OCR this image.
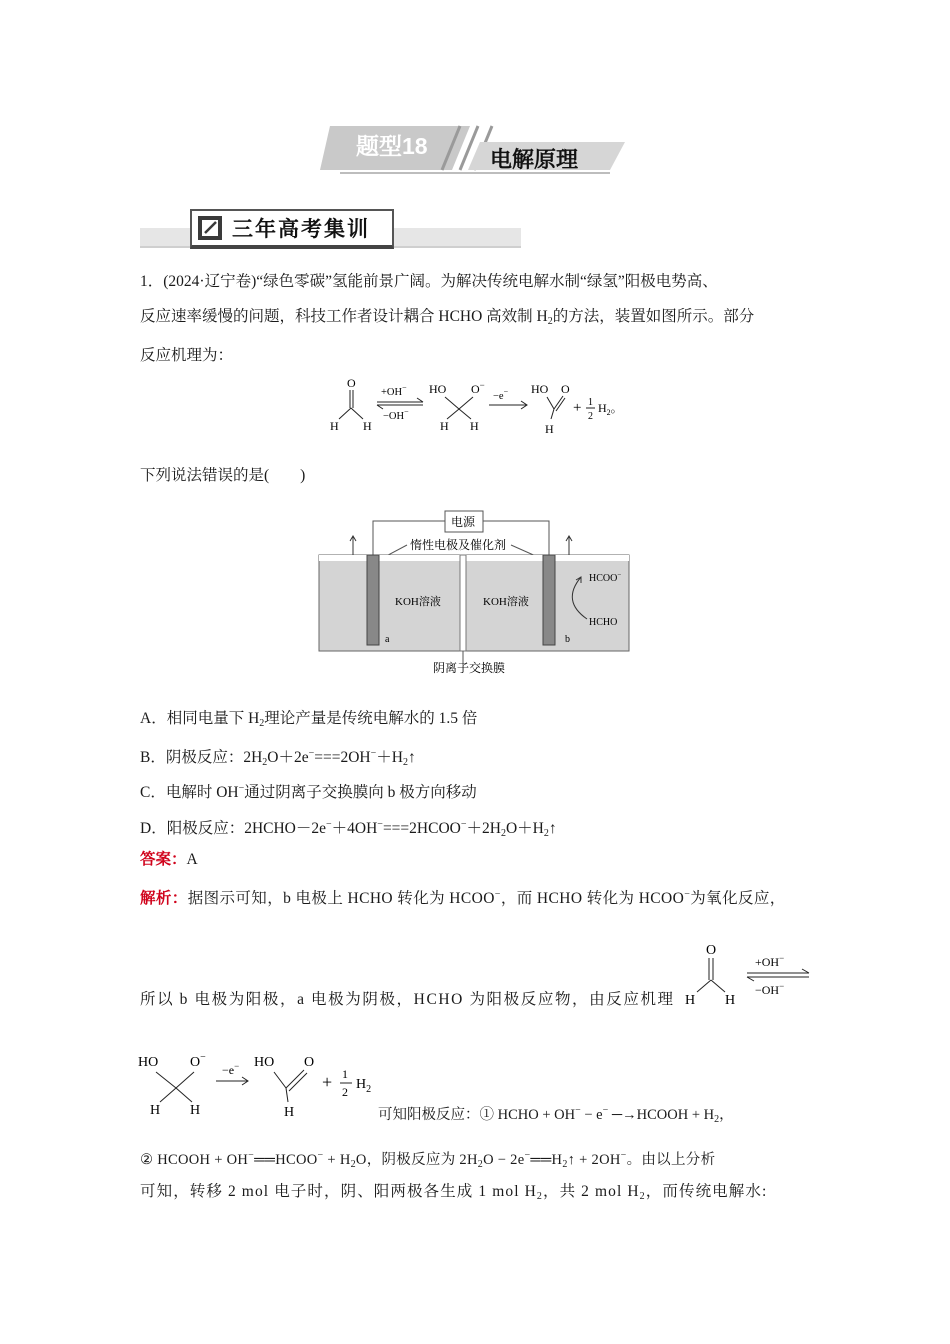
题型18
电解原理
三年高考集训
1．(2024·辽宁卷)“绿色零碳”氢能前景广阔。为解决传统电解水制“绿氢”阳极电势高、
反应速率缓慢的问题，科技工作者设计耦合 HCHO 高效制 $H_2$的方法，装置如图所示。部分
反应机理为：
O
H H
+OH−
−OH−
HO O−
H H
−e− HO O
H
+ 1
2
$H_2$。
下列说法错误的是(　　)
电源
惰性电极及催化剂
KOH溶液	KOH溶液
a	b
HCOO−
HCHO
阴离子交换膜
A．相同电量下 $H_2$理论产量是传统电解水的 1.5 倍
B．阴极反应：$2H_2O+2e^-===2OH^-+H_2↑$
C．电解时 OH−通过阴离子交换膜向 b 极方向移动
D．阳极反应：$2HCHO-2e^-+4OH^-===2HCOO^-+2H_2O+H_2↑$
答案：A
解析：据图示可知，b 电极上 HCHO 转化为 HCOO−，而 HCHO 转化为 HCOO−为氧化反应，
所以 b 电极为阳极，a 电极为阴极，HCHO 为阳极反应物，由反应机理
O
H H
+OH−
−OH−
HO O−
H H
−e− HO O
H
+ 1
2 $H_2$
可知阳极反应：① HCHO + OH− − e− ─→HCOOH + $H_2$，
② HCOOH + OH−══HCOO− + $H_2O$，阴极反应为 $2H_2O$ − $2e^-══H_2↑ + 2OH^-$。由以上分析
可知，转移 2 mol 电子时，阴、阳两极各生成 1 mol $H_2$，共 2 mol $H_2$，而传统电解水:
